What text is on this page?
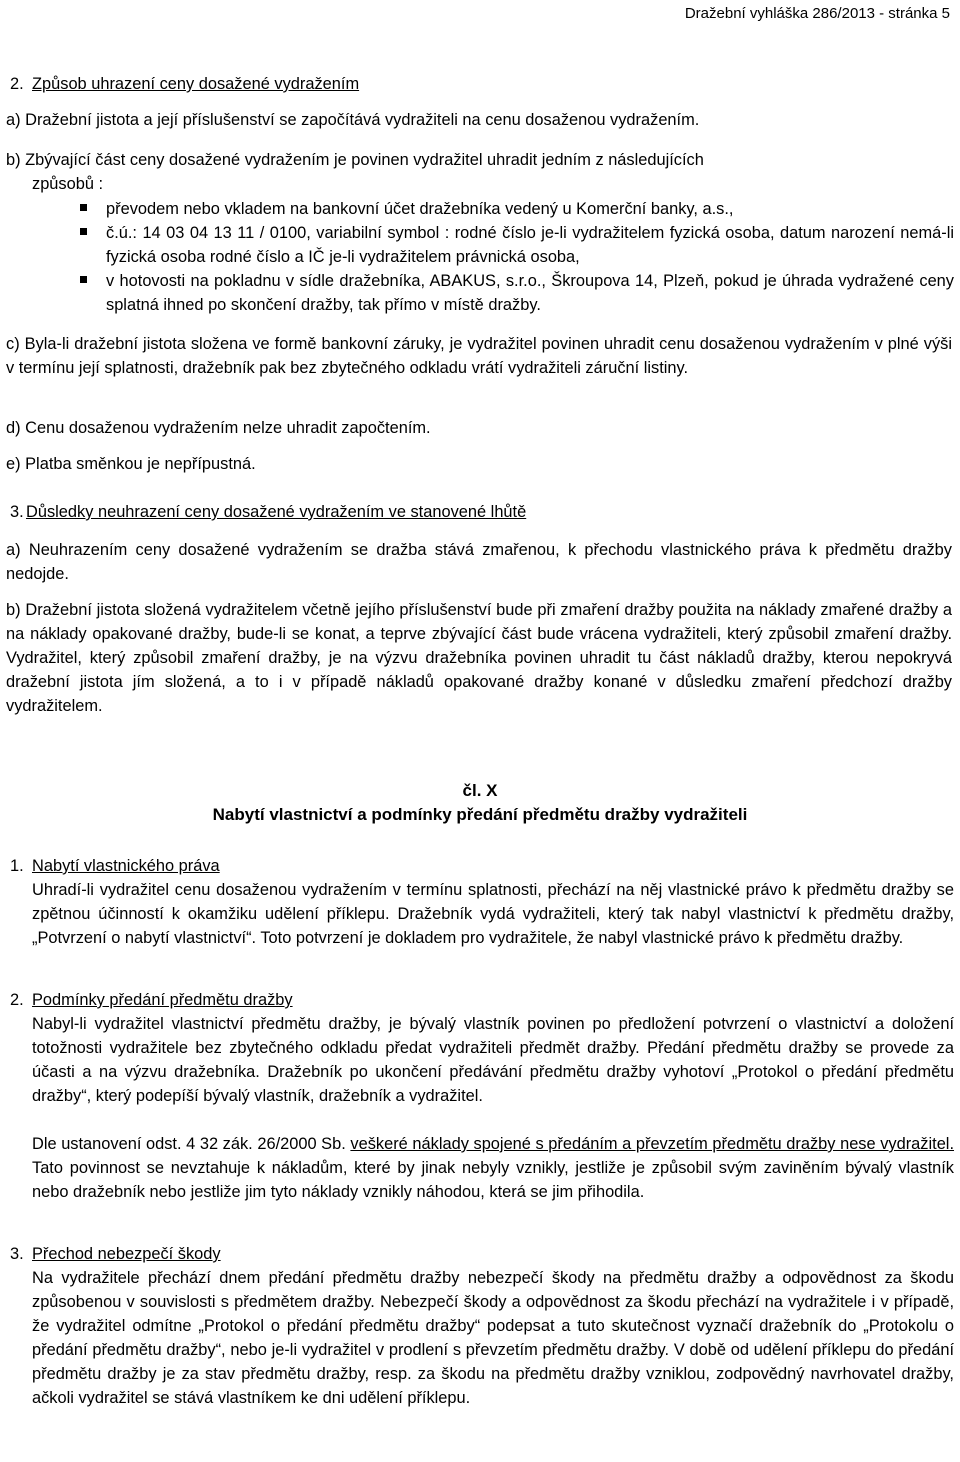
Dražební vyhláška 286/2013 - stránka 5
2. Způsob uhrazení ceny dosažené vydražením
a) Dražební jistota a její příslušenství se započítává vydražiteli na cenu dosaženou vydražením.
b) Zbývající část ceny dosažené vydražením je povinen vydražitel uhradit jedním z následujících
způsobů :
převodem nebo vkladem na bankovní účet dražebníka vedený u Komerční banky, a.s.,
č.ú.: 14 03 04 13 11 / 0100, variabilní symbol : rodné číslo je-li vydražitelem fyzická osoba, datum narození nemá-li fyzická osoba rodné číslo a IČ je-li vydražitelem právnická osoba,
v hotovosti na pokladnu v sídle dražebníka, ABAKUS, s.r.o., Škroupova 14, Plzeň, pokud je úhrada vydražené ceny splatná ihned po skončení dražby, tak přímo v místě dražby.
c) Byla-li dražební jistota složena ve formě bankovní záruky, je vydražitel povinen uhradit cenu dosaženou vydražením v plné výši v termínu její splatnosti, dražebník pak bez zbytečného odkladu vrátí vydražiteli záruční listiny.
d) Cenu dosaženou vydražením nelze uhradit započtením.
e) Platba směnkou je nepřípustná.
3. Důsledky neuhrazení ceny dosažené vydražením ve stanovené lhůtě
a) Neuhrazením ceny dosažené vydražením se dražba stává zmařenou, k přechodu vlastnického práva k předmětu dražby nedojde.
b) Dražební jistota složená vydražitelem včetně jejího příslušenství bude při zmaření dražby použita na náklady zmařené dražby a na náklady opakované dražby, bude-li se konat, a teprve zbývající část bude vrácena vydražiteli, který způsobil zmaření dražby. Vydražitel, který způsobil zmaření dražby, je na výzvu dražebníka povinen uhradit tu část nákladů dražby, kterou nepokryvá dražební jistota jím složená, a to i v případě nákladů opakované dražby konané v důsledku zmaření předchozí dražby vydražitelem.
čl. X
Nabytí vlastnictví a podmínky předání předmětu dražby vydražiteli
1. Nabytí vlastnického práva
Uhradí-li vydražitel cenu dosaženou vydražením v termínu splatnosti, přechází na něj vlastnické právo k předmětu dražby se zpětnou účinností k okamžiku udělení příklepu. Dražebník vydá vydražiteli, který tak nabyl vlastnictví k předmětu dražby, „Potvrzení o nabytí vlastnictví“. Toto potvrzení je dokladem pro vydražitele, že nabyl vlastnické právo k předmětu dražby.
2. Podmínky předání předmětu dražby
Nabyl-li vydražitel vlastnictví předmětu dražby, je bývalý vlastník povinen po předložení potvrzení o vlastnictví a doložení totožnosti vydražitele bez zbytečného odkladu předat vydražiteli předmět dražby. Předání předmětu dražby se provede za účasti a na výzvu dražebníka. Dražebník po ukončení předávání předmětu dražby vyhotoví „Protokol o předání předmětu dražby“, který podepíší bývalý vlastník, dražebník a vydražitel.
Dle ustanovení odst. 4 32 zák. 26/2000 Sb. veškeré náklady spojené s předáním a převzetím předmětu dražby nese vydražitel. Tato povinnost se nevztahuje k nákladům, které by jinak nebyly vznikly, jestliže je způsobil svým zaviněním bývalý vlastník nebo dražebník nebo jestliže jim tyto náklady vznikly náhodou, která se jim přihodila.
3. Přechod nebezpečí škody
Na vydražitele přechází dnem předání předmětu dražby nebezpečí škody na předmětu dražby a odpovědnost za škodu způsobenou v souvislosti s předmětem dražby. Nebezpečí škody a odpovědnost za škodu přechází na vydražitele i v případě, že vydražitel odmítne „Protokol o předání předmětu dražby“ podepsat a tuto skutečnost vyznačí dražebník do „Protokolu o předání předmětu dražby“, nebo je-li vydražitel v prodlení s převzetím předmětu dražby. V době od udělení příklepu do předání předmětu dražby je za stav předmětu dražby, resp. za škodu na předmětu dražby vzniklou, zodpovědný navrhovatel dražby, ačkoli vydražitel se stává vlastníkem ke dni udělení příklepu.
